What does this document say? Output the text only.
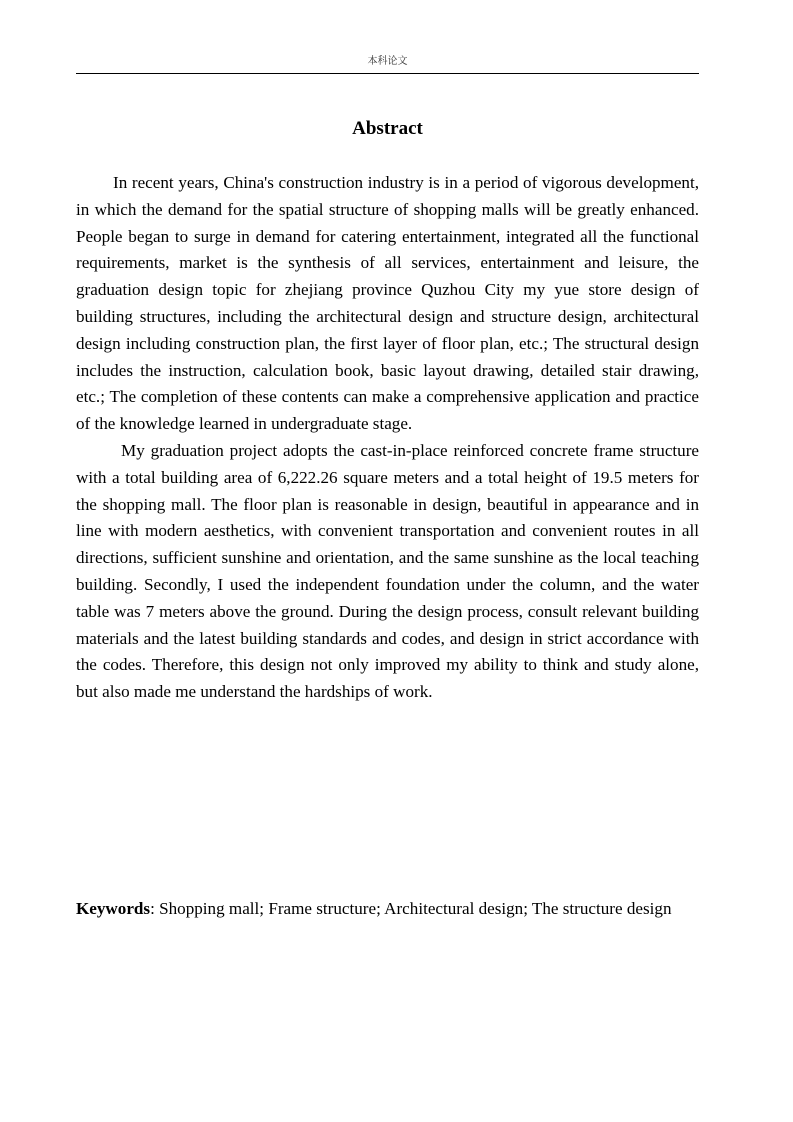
本科论文
Abstract

In recent years, China's construction industry is in a period of vigorous development, in which the demand for the spatial structure of shopping malls will be greatly enhanced. People began to surge in demand for catering entertainment, integrated all the functional requirements, market is the synthesis of all services, entertainment and leisure, the graduation design topic for zhejiang province Quzhou City my yue store design of building structures, including the architectural design and structure design, architectural design including construction plan, the first layer of floor plan, etc.; The structural design includes the instruction, calculation book, basic layout drawing, detailed stair drawing, etc.; The completion of these contents can make a comprehensive application and practice of the knowledge learned in undergraduate stage.

My graduation project adopts the cast-in-place reinforced concrete frame structure with a total building area of 6,222.26 square meters and a total height of 19.5 meters for the shopping mall. The floor plan is reasonable in design, beautiful in appearance and in line with modern aesthetics, with convenient transportation and convenient routes in all directions, sufficient sunshine and orientation, and the same sunshine as the local teaching building. Secondly, I used the independent foundation under the column, and the water table was 7 meters above the ground. During the design process, consult relevant building materials and the latest building standards and codes, and design in strict accordance with the codes. Therefore, this design not only improved my ability to think and study alone, but also made me understand the hardships of work.

Keywords: Shopping mall; Frame structure; Architectural design; The structure design
